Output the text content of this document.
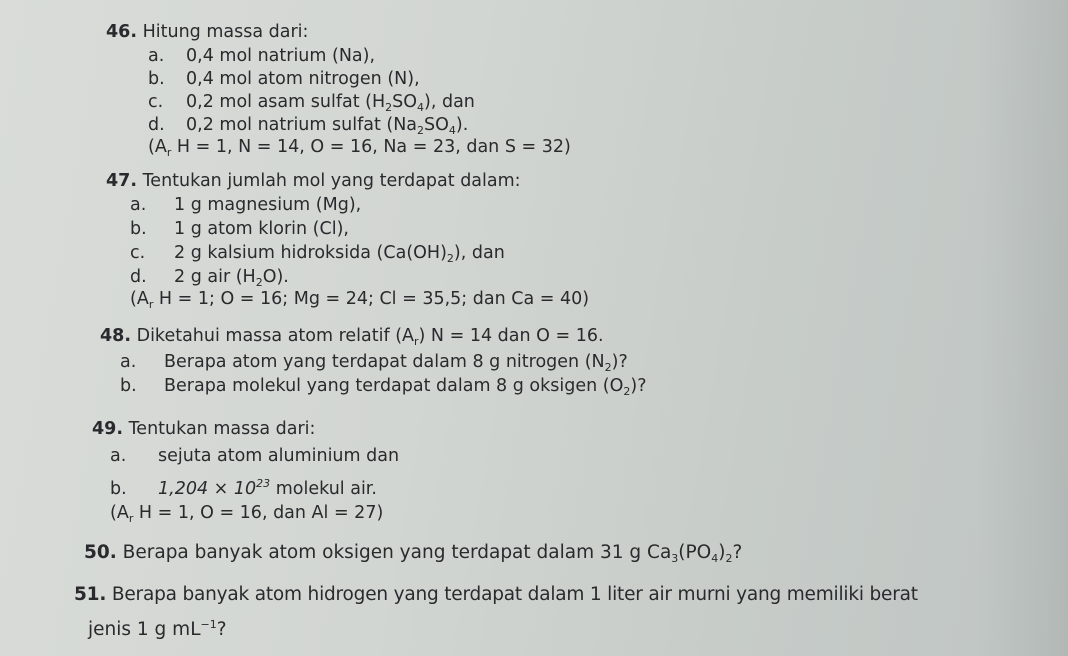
46. Hitung massa dari:
a. 0,4 mol natrium (Na),
b. 0,4 mol atom nitrogen (N),
c. 0,2 mol asam sulfat $(H_2SO_4)$, dan
d. 0,2 mol natrium sulfat $(Na_2SO_4)$.
($A_r$ H = 1, N = 14, O = 16, Na = 23, dan S = 32)
47. Tentukan jumlah mol yang terdapat dalam:
a. 1 g magnesium (Mg),
b. 1 g atom klorin (Cl),
c. 2 g kalsium hidroksida $(Ca(OH)_2)$, dan
d. 2 g air $(H_2O)$.
($A_r$ H = 1; O = 16; Mg = 24; Cl = 35,5; dan Ca = 40)
48. Diketahui massa atom relatif $(A_r) N = 14$ dan O = 16.
a. Berapa atom yang terdapat dalam 8 g nitrogen $(N_2)$?
b. Berapa molekul yang terdapat dalam 8 g oksigen $(O_2)$?
49. Tentukan massa dari:
a. sejuta atom aluminium dan
b. $1,204 \times 10^{23}$ molekul air.
($A_r$ H = 1, O = 16, dan Al = 27)
50. Berapa banyak atom oksigen yang terdapat dalam 31 g $Ca_3(PO_4)_2$?
51. Berapa banyak atom hidrogen yang terdapat dalam 1 liter air murni yang memiliki berat
jenis 1 g $mL^{-1}$?
